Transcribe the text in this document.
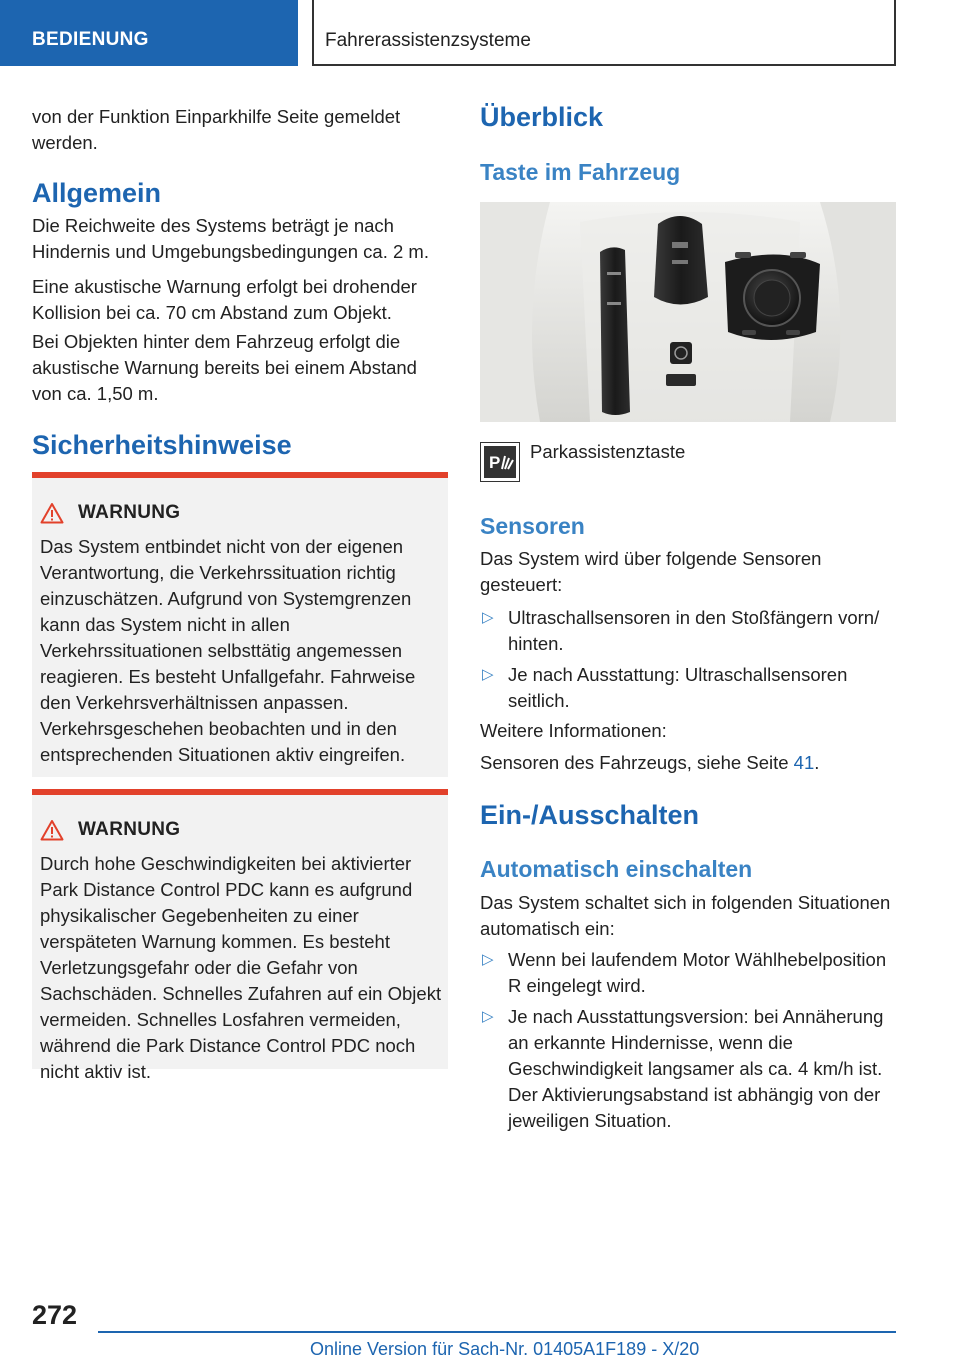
BEDIENUNG	Fahrerassistenzsysteme
von der Funktion Einparkhilfe Seite gemeldet werden.
Allgemein
Die Reichweite des Systems beträgt je nach Hindernis und Umgebungsbedingungen ca. 2 m.
Eine akustische Warnung erfolgt bei drohender Kollision bei ca. 70 cm Abstand zum Objekt.
Bei Objekten hinter dem Fahrzeug erfolgt die akustische Warnung bereits bei einem Abstand von ca. 1,50 m.
Sicherheitshinweise
WARNUNG
Das System entbindet nicht von der eigenen Verantwortung, die Verkehrssituation richtig einzuschätzen. Aufgrund von Systemgrenzen kann das System nicht in allen Verkehrssituationen selbsttätig angemessen reagieren. Es besteht Unfallgefahr. Fahrweise den Verkehrsverhältnissen anpassen. Verkehrsgeschehen beobachten und in den entsprechenden Situationen aktiv eingreifen.
WARNUNG
Durch hohe Geschwindigkeiten bei aktivierter Park Distance Control PDC kann es aufgrund physikalischer Gegebenheiten zu einer verspäteten Warnung kommen. Es besteht Verletzungsgefahr oder die Gefahr von Sachschäden. Schnelles Zufahren auf ein Objekt vermeiden. Schnelles Losfahren vermeiden, während die Park Distance Control PDC noch nicht aktiv ist.
Überblick
Taste im Fahrzeug
P
Parkassistenztaste
Sensoren
Das System wird über folgende Sensoren gesteuert:
▷ Ultraschallsensoren in den Stoßfängern vorn/ hinten.
▷ Je nach Ausstattung: Ultraschallsensoren seitlich.
Weitere Informationen:
Sensoren des Fahrzeugs, siehe Seite 41.
Ein-/Ausschalten
Automatisch einschalten
Das System schaltet sich in folgenden Situationen automatisch ein:
▷ Wenn bei laufendem Motor Wählhebelposition R eingelegt wird.
▷ Je nach Ausstattungsversion: bei Annäherung an erkannte Hindernisse, wenn die Geschwindigkeit langsamer als ca. 4 km/h ist. Der Aktivierungsabstand ist abhängig von der jeweiligen Situation.
272
Online Version für Sach-Nr. 01405A1F189 - X/20
